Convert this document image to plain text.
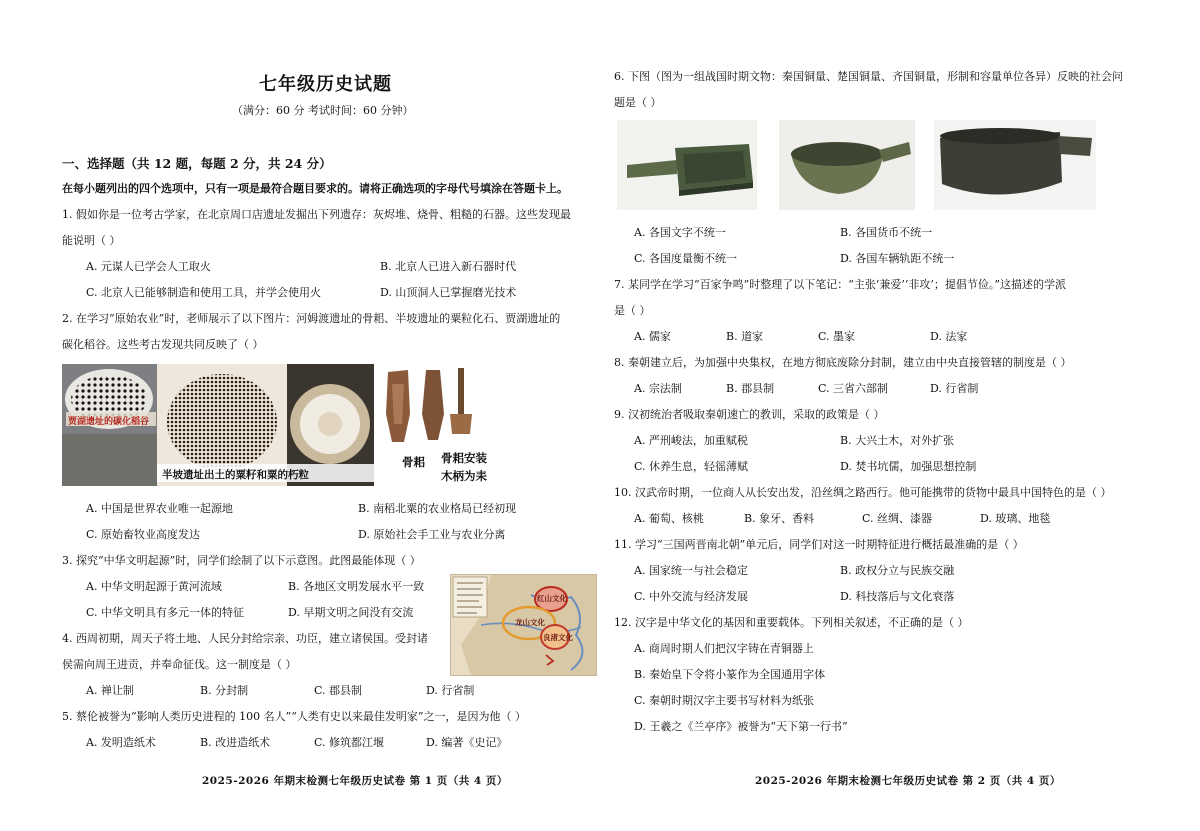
七年级历史试题
（满分：60 分 考试时间：60 分钟）
一、选择题（共 12 题，每题 2 分，共 24 分）
在每小题列出的四个选项中，只有一项是最符合题目要求的。请将正确选项的字母代号填涂在答题卡上。
1. 假如你是一位考古学家，在北京周口店遗址发掘出下列遗存：灰烬堆、烧骨、粗糙的石器。这些发现最
能说明（ ）
A. 元谋人已学会人工取火	B. 北京人已进入新石器时代
C. 北京人已能够制造和使用工具，并学会使用火	D. 山顶洞人已掌握磨光技术
2. 在学习“原始农业”时，老师展示了以下图片：河姆渡遗址的骨耜、半坡遗址的粟粒化石、贾湖遗址的
碳化稻谷。这些考古发现共同反映了（ ）
贾湖遗址的碳化稻谷
半坡遗址出土的粟籽和粟的朽粒
骨耜 骨耜安装
木柄为耒
A. 中国是世界农业唯一起源地	B. 南稻北粟的农业格局已经初现
C. 原始畜牧业高度发达	D. 原始社会手工业与农业分离
3. 探究“中华文明起源”时，同学们绘制了以下示意图。此图最能体现（ ）
A. 中华文明起源于黄河流域	B. 各地区文明发展水平一致
C. 中华文明具有多元一体的特征	D. 早期文明之间没有交流
红山文化
龙山文化
良渚文化
4. 西周初期，周天子将土地、人民分封给宗亲、功臣，建立诸侯国。受封诸
侯需向周王进贡，并奉命征伐。这一制度是（ ）
A. 禅让制	B. 分封制	C. 郡县制	D. 行省制
5. 蔡伦被誉为“影响人类历史进程的 100 名人”“人类有史以来最佳发明家”之一，是因为他（ ）
A. 发明造纸术	B. 改进造纸术	C. 修筑都江堰	D. 编著《史记》
2025-2026 年期末检测七年级历史试卷 第 1 页（共 4 页）
6. 下图（图为一组战国时期文物：秦国铜量、楚国铜量、齐国铜量，形制和容量单位各异）反映的社会问
题是（ ）
A. 各国文字不统一	B. 各国货币不统一
C. 各国度量衡不统一	D. 各国车辆轨距不统一
7. 某同学在学习“百家争鸣”时整理了以下笔记：“主张‘兼爱’‘非攻’；提倡节俭。”这描述的学派
是（ ）
A. 儒家	B. 道家	C. 墨家	D. 法家
8. 秦朝建立后，为加强中央集权，在地方彻底废除分封制，建立由中央直接管辖的制度是（ ）
A. 宗法制	B. 郡县制	C. 三省六部制	D. 行省制
9. 汉初统治者吸取秦朝速亡的教训，采取的政策是（ ）
A. 严刑峻法，加重赋税	B. 大兴土木，对外扩张
C. 休养生息，轻徭薄赋	D. 焚书坑儒，加强思想控制
10. 汉武帝时期，一位商人从长安出发，沿丝绸之路西行。他可能携带的货物中最具中国特色的是（ ）
A. 葡萄、核桃	B. 象牙、香料	C. 丝绸、漆器	D. 玻璃、地毯
11. 学习“三国两晋南北朝”单元后，同学们对这一时期特征进行概括最准确的是（ ）
A. 国家统一与社会稳定	B. 政权分立与民族交融
C. 中外交流与经济发展	D. 科技落后与文化衰落
12. 汉字是中华文化的基因和重要载体。下列相关叙述，不正确的是（ ）
A. 商周时期人们把汉字铸在青铜器上
B. 秦始皇下令将小篆作为全国通用字体
C. 秦朝时期汉字主要书写材料为纸张
D. 王羲之《兰亭序》被誉为“天下第一行书”
2025-2026 年期末检测七年级历史试卷 第 2 页（共 4 页）
